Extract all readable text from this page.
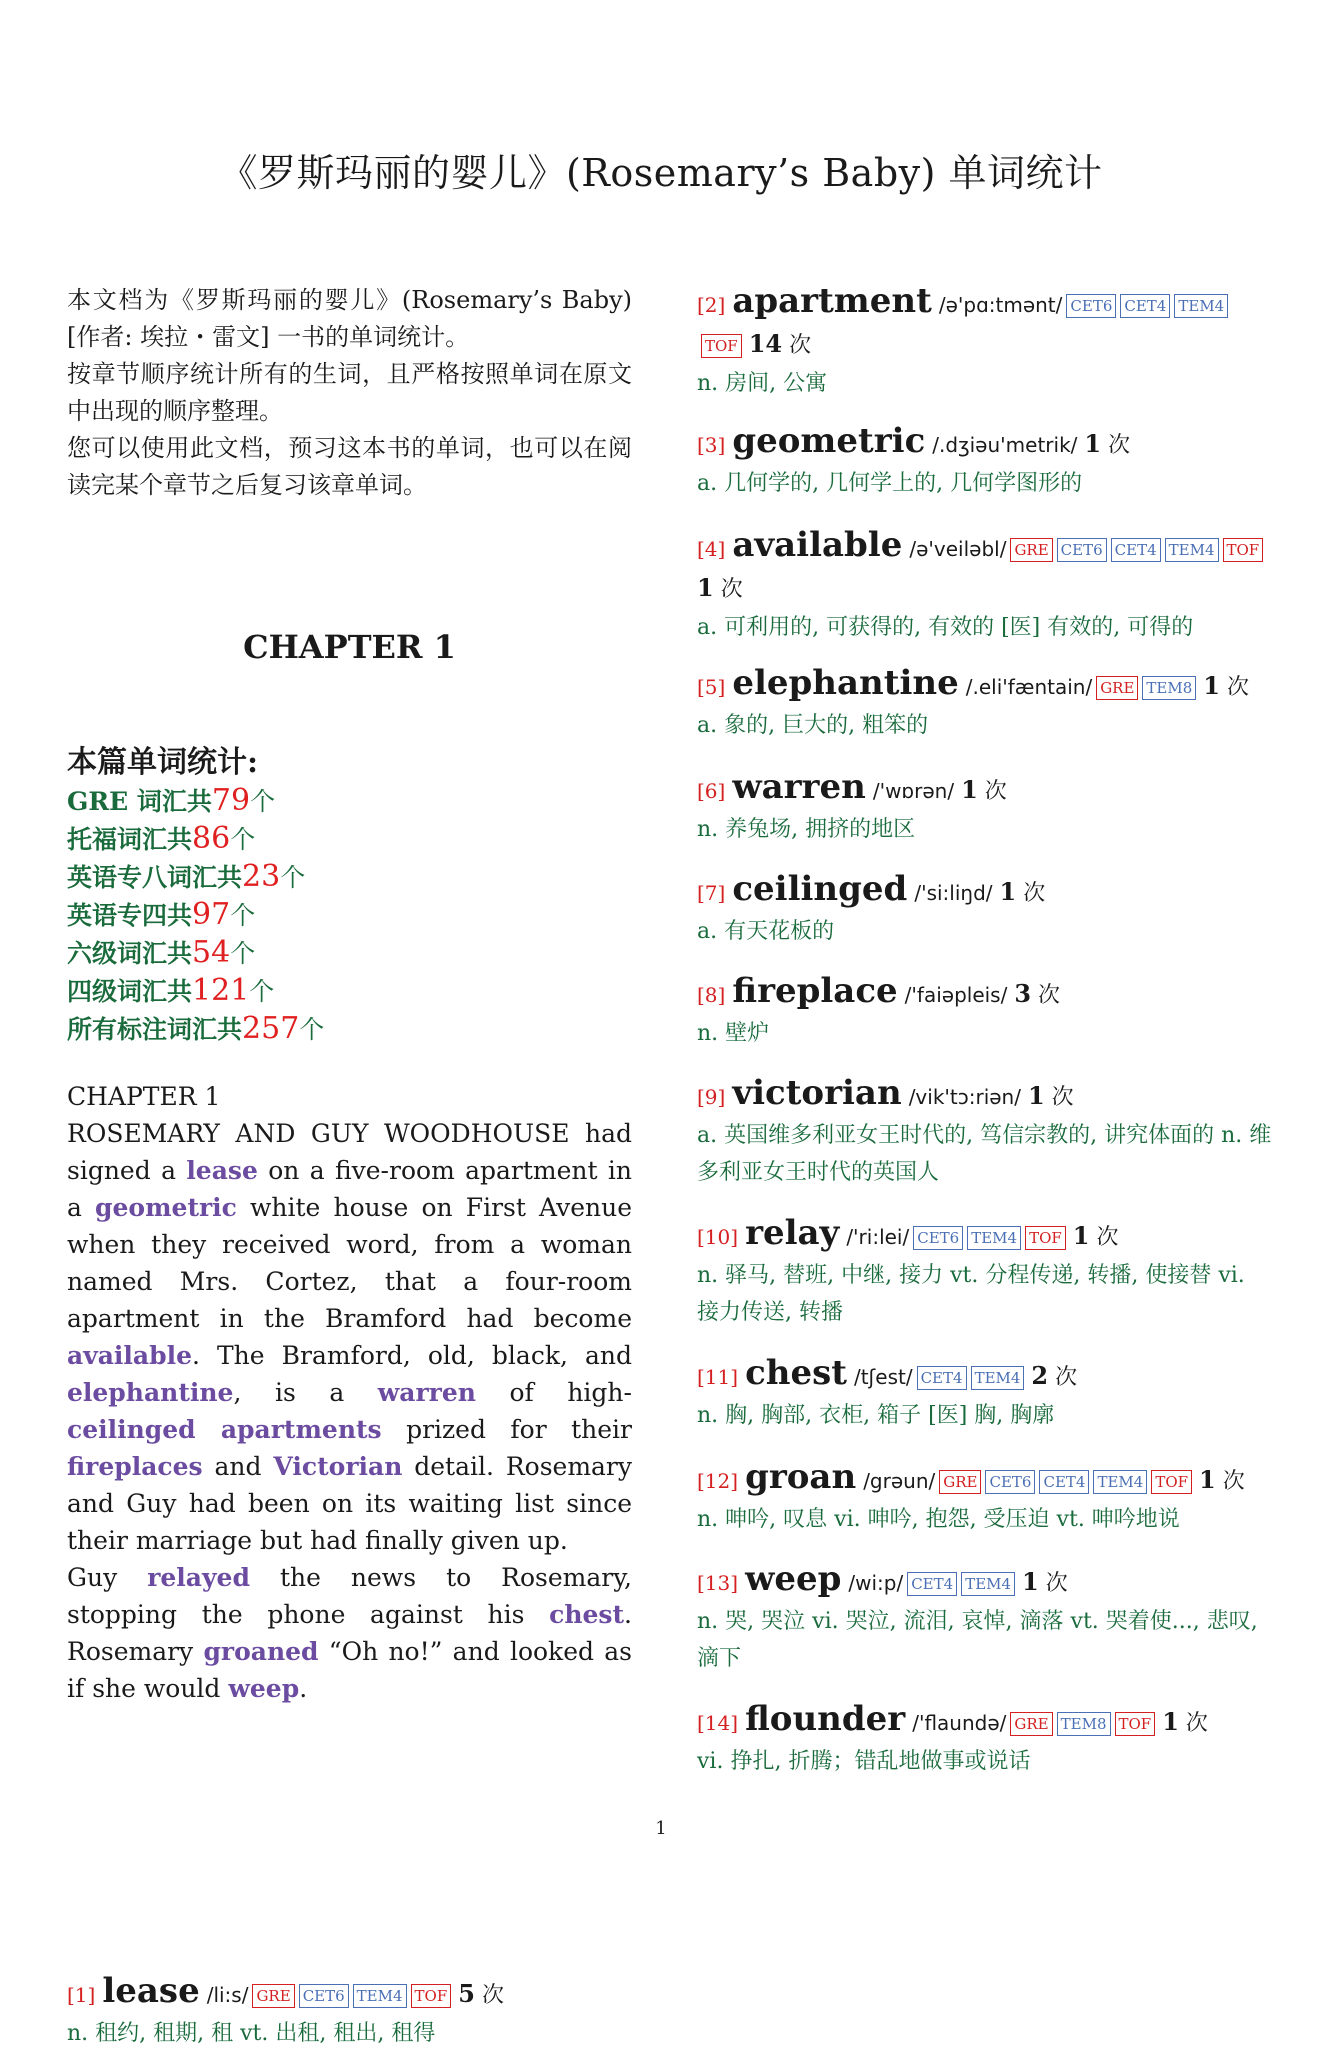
《罗斯玛丽的婴儿》(Rosemary’s Baby) 单词统计
本文档为《罗斯玛丽的婴儿》(Rosemary’s Baby)[作者: 埃拉・雷文] 一书的单词统计。
按章节顺序统计所有的生词，且严格按照单词在原文中出现的顺序整理。
您可以使用此文档，预习这本书的单词，也可以在阅读完某个章节之后复习该章单词。
CHAPTER 1
本篇单词统计:
GRE 词汇共79个
托福词汇共86个
英语专八词汇共23个
英语专四共97个
六级词汇共54个
四级词汇共121个
所有标注词汇共257个
CHAPTER 1
ROSEMARY AND GUY WOODHOUSE had signed a lease on a five-room apartment in a geometric white house on First Avenue when they received word, from a woman named Mrs. Cortez, that a four-room apartment in the Bramford had become available. The Bramford, old, black, and elephantine, is a warren of high-ceilinged apartments prized for their fireplaces and Victorian detail. Rosemary and Guy had been on its waiting list since their marriage but had finally given up.
Guy relayed the news to Rosemary, stopping the phone against his chest. Rosemary groaned “Oh no!” and looked as if she would weep.
[1] lease /li:s/ GRE CET6 TEM4 TOF 5 次
n. 租约, 租期, 租 vt. 出租, 租出, 租得
[2] apartment /ə'pɑ:tmənt/ CET6 CET4 TEM4TOF 14 次
n. 房间, 公寓
[3] geometric /.dʒiəu'metrik/ 1 次
a. 几何学的, 几何学上的, 几何学图形的
[4] available /ə'veiləbl/ GRE CET6 CET4 TEM4 TOF 1 次
a. 可利用的, 可获得的, 有效的 [医] 有效的, 可得的
[5] elephantine /.eli'fæntain/ GRE TEM8 1 次
a. 象的, 巨大的, 粗笨的
[6] warren /'wɒrən/ 1 次
n. 养兔场, 拥挤的地区
[7] ceilinged /'si:liŋd/ 1 次
a. 有天花板的
[8] fireplace /'faiəpleis/ 3 次
n. 壁炉
[9] victorian /vik'tɔ:riən/ 1 次
a. 英国维多利亚女王时代的, 笃信宗教的, 讲究体面的 n. 维多利亚女王时代的英国人
[10] relay /'ri:lei/ CET6 TEM4 TOF 1 次
n. 驿马, 替班, 中继, 接力 vt. 分程传递, 转播, 使接替 vi. 接力传送, 转播
[11] chest /tʃest/ CET4 TEM4 2 次
n. 胸, 胸部, 衣柜, 箱子 [医] 胸, 胸廓
[12] groan /grəun/ GRE CET6 CET4 TEM4 TOF 1 次
n. 呻吟, 叹息 vi. 呻吟, 抱怨, 受压迫 vt. 呻吟地说
[13] weep /wi:p/ CET4 TEM4 1 次
n. 哭, 哭泣 vi. 哭泣, 流泪, 哀悼, 滴落 vt. 哭着使..., 悲叹, 滴下
[14] flounder /'flaundə/ GRE TEM8 TOF 1 次
vi. 挣扎, 折腾；错乱地做事或说话
1
